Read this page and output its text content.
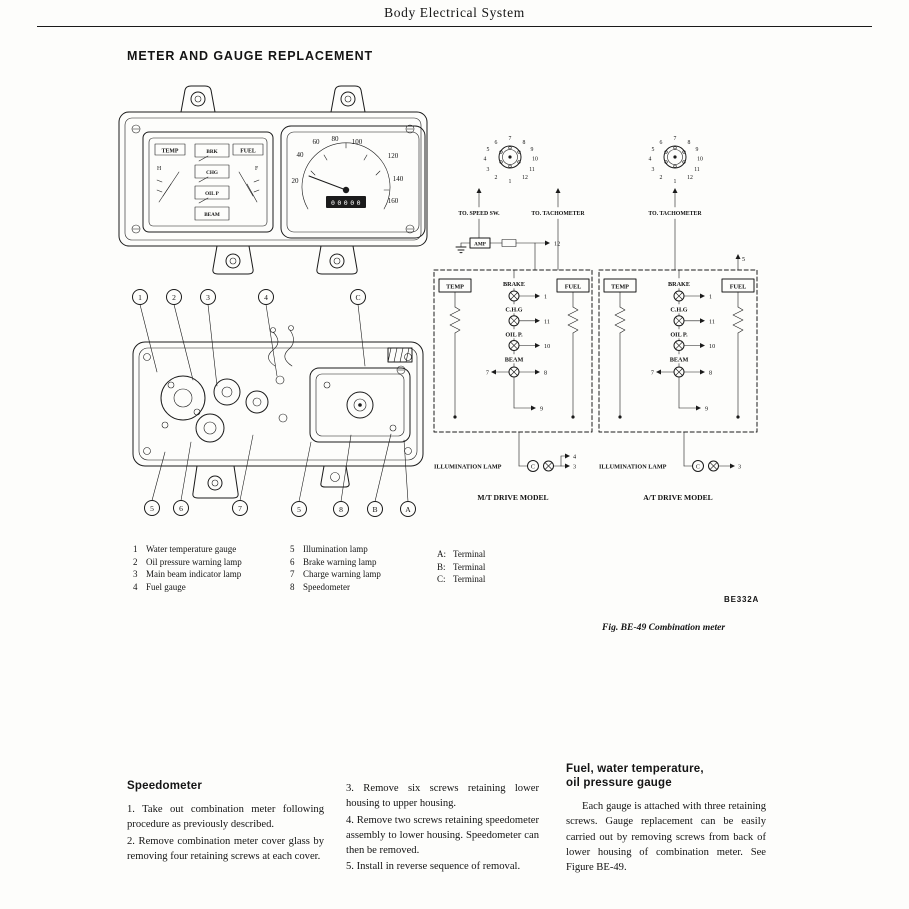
Body Electrical System
METER AND GAUGE REPLACEMENT
TEMP
H
BRK
CHG
OIL P
BEAM
FUEL
F
20
40
60 80 100
120
140
160
00000
1	2	3	4	C
5	6	7	5	8	B	A
6
7
8
5	9
4	10
3	11
2
1
12
TO. SPEED SW.	TO. TACHOMETER
AMP	12
TEMP	FUEL
BRAKE
1
C.H.G
11
OIL P.
10
BEAM
7	8
9
ILLUMINATION LAMP	C
4
3
M/T DRIVE MODEL
6
7
8
5	9
4	10
3	11
2
1
12
TO. TACHOMETER
5
TEMP	FUEL
BRAKE
1
C.H.G
11
OIL P.
10
BEAM
7	8
9
ILLUMINATION LAMP	C	3
A/T DRIVE MODEL
1 Water temperature gauge
2 Oil pressure warning lamp
3 Main beam indicator lamp
4 Fuel gauge
5 Illumination lamp
6 Brake warning lamp
7 Charge warning lamp
8 Speedometer
A: Terminal
B: Terminal
C: Terminal
BE332A
Fig. BE-49 Combination meter
Speedometer

1. Take out combination meter following procedure as previously described.

2. Remove combination meter cover glass by removing four retaining screws at each cover.

3. Remove six screws retaining lower housing to upper housing.

4. Remove two screws retaining speedometer assembly to lower housing. Speedometer can then be removed.

5. Install in reverse sequence of removal.

Fuel, water temperature,
oil pressure gauge

Each gauge is attached with three retaining screws. Gauge replacement can be easily carried out by removing screws from back of lower housing of combination meter. See Figure BE-49.
